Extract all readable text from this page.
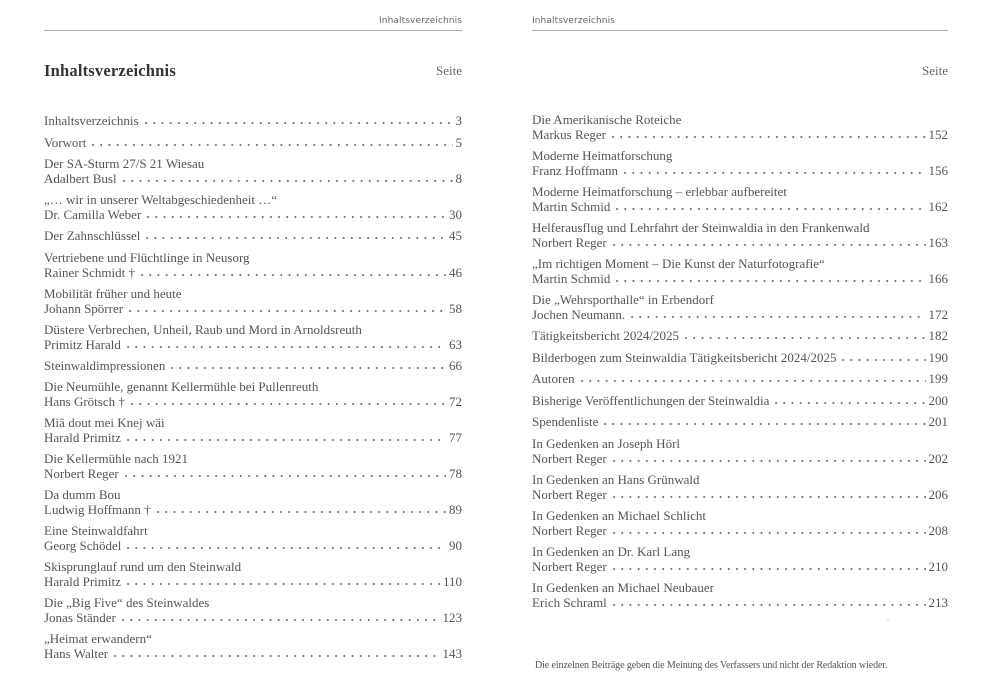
Inhaltsverzeichnis
Inhaltsverzeichnis	Seite
Inhaltsverzeichnis	3
Vorwort	5
Der SA-Sturm 27/S 21 Wiesau
Adalbert Busl	8
„… wir in unserer Weltabgeschiedenheit …“
Dr. Camilla Weber	30
Der Zahnschlüssel	45
Vertriebene und Flüchtlinge in Neusorg
Rainer Schmidt †	46
Mobilität früher und heute
Johann Spörrer	58
Düstere Verbrechen, Unheil, Raub und Mord in Arnoldsreuth
Primitz Harald	63
Steinwaldimpressionen	66
Die Neumühle, genannt Kellermühle bei Pullenreuth
Hans Grötsch †	72
Miã dout mei Knej wäi
Harald Primitz	77
Die Kellermühle nach 1921
Norbert Reger	78
Da dumm Bou
Ludwig Hoffmann †	89
Eine Steinwaldfahrt
Georg Schödel	90
Skisprunglauf rund um den Steinwald
Harald Primitz	110
Die „Big Five“ des Steinwaldes
Jonas Ständer	123
„Heimat erwandern“
Hans Walter	143
Inhaltsverzeichnis
Seite
Die Amerikanische Roteiche
Markus Reger	152
Moderne Heimatforschung
Franz Hoffmann	156
Moderne Heimatforschung – erlebbar aufbereitet
Martin Schmid	162
Helferausflug und Lehrfahrt der Steinwaldia in den Frankenwald
Norbert Reger	163
„Im richtigen Moment – Die Kunst der Naturfotografie“
Martin Schmid	166
Die „Wehrsporthalle“ in Erbendorf
Jochen Neumann.	172
Tätigkeitsbericht 2024/2025	182
Bilderbogen zum Steinwaldia Tätigkeitsbericht 2024/2025	190
Autoren	199
Bisherige Veröffentlichungen der Steinwaldia	200
Spendenliste	201
In Gedenken an Joseph Hörl
Norbert Reger	202
In Gedenken an Hans Grünwald
Norbert Reger	206
In Gedenken an Michael Schlicht
Norbert Reger	208
In Gedenken an Dr. Karl Lang
Norbert Reger	210
In Gedenken an Michael Neubauer
Erich Schraml	213
Die einzelnen Beiträge geben die Meinung des Verfassers und nicht der Redaktion wieder.
